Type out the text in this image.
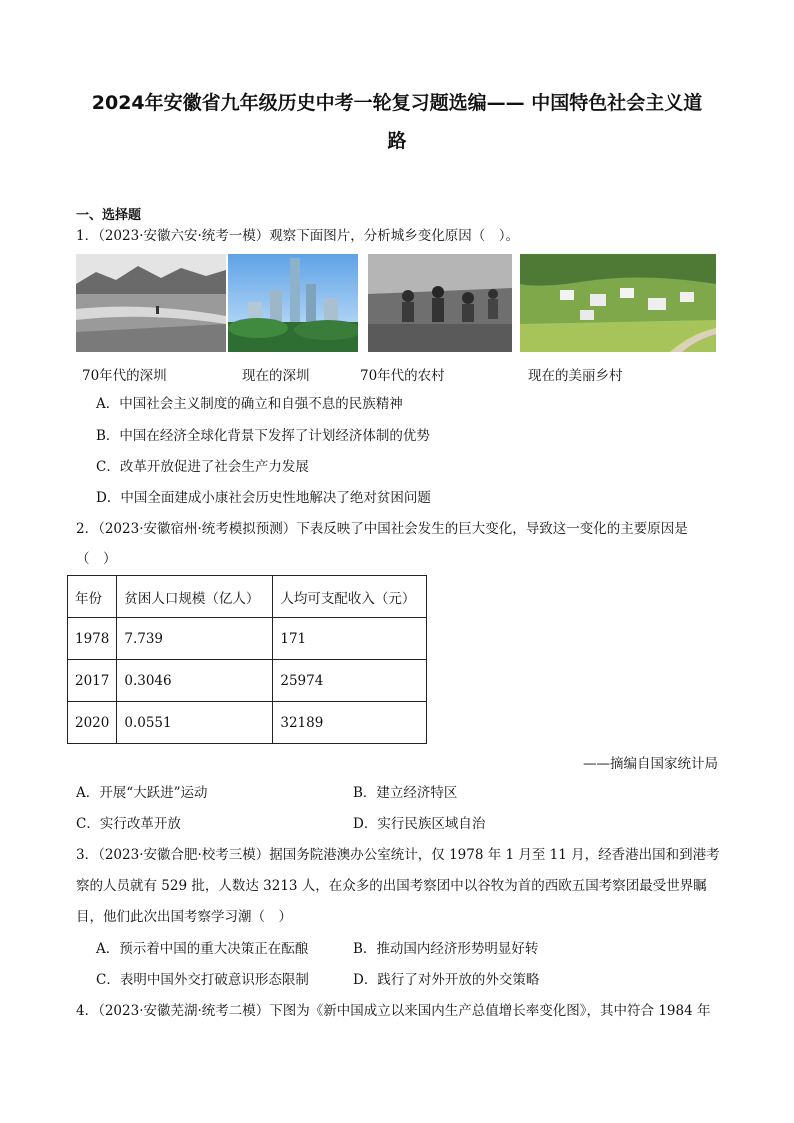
2024年安徽省九年级历史中考一轮复习题选编—— 中国特色社会主义道
路
一、选择题
1．（2023·安徽六安·统考一模）观察下面图片，分析城乡变化原因（　）。
70年代的深圳	现在的深圳	70年代的农村	现在的美丽乡村
A．中国社会主义制度的确立和自强不息的民族精神
B．中国在经济全球化背景下发挥了计划经济体制的优势
C．改革开放促进了社会生产力发展
D．中国全面建成小康社会历史性地解决了绝对贫困问题
2．（2023·安徽宿州·统考模拟预测）下表反映了中国社会发生的巨大变化，导致这一变化的主要原因是
（　）
年份	贫困人口规模（亿人）	人均可支配收入（元）
1978	7.739	171
2017	0.3046	25974
2020	0.0551	32189
——摘编自国家统计局
A．开展“大跃进”运动	B．建立经济特区
C．实行改革开放	D．实行民族区域自治
3．（2023·安徽合肥·校考三模）据国务院港澳办公室统计，仅 1978 年 1 月至 11 月，经香港出国和到港考
察的人员就有 529 批，人数达 3213 人，在众多的出国考察团中以谷牧为首的西欧五国考察团最受世界瞩
目，他们此次出国考察学习潮（　）
A．预示着中国的重大决策正在酝酿	B．推动国内经济形势明显好转
C．表明中国外交打破意识形态限制	D．践行了对外开放的外交策略
4．（2023·安徽芜湖·统考二模）下图为《新中国成立以来国内生产总值增长率变化图》，其中符合 1984 年
